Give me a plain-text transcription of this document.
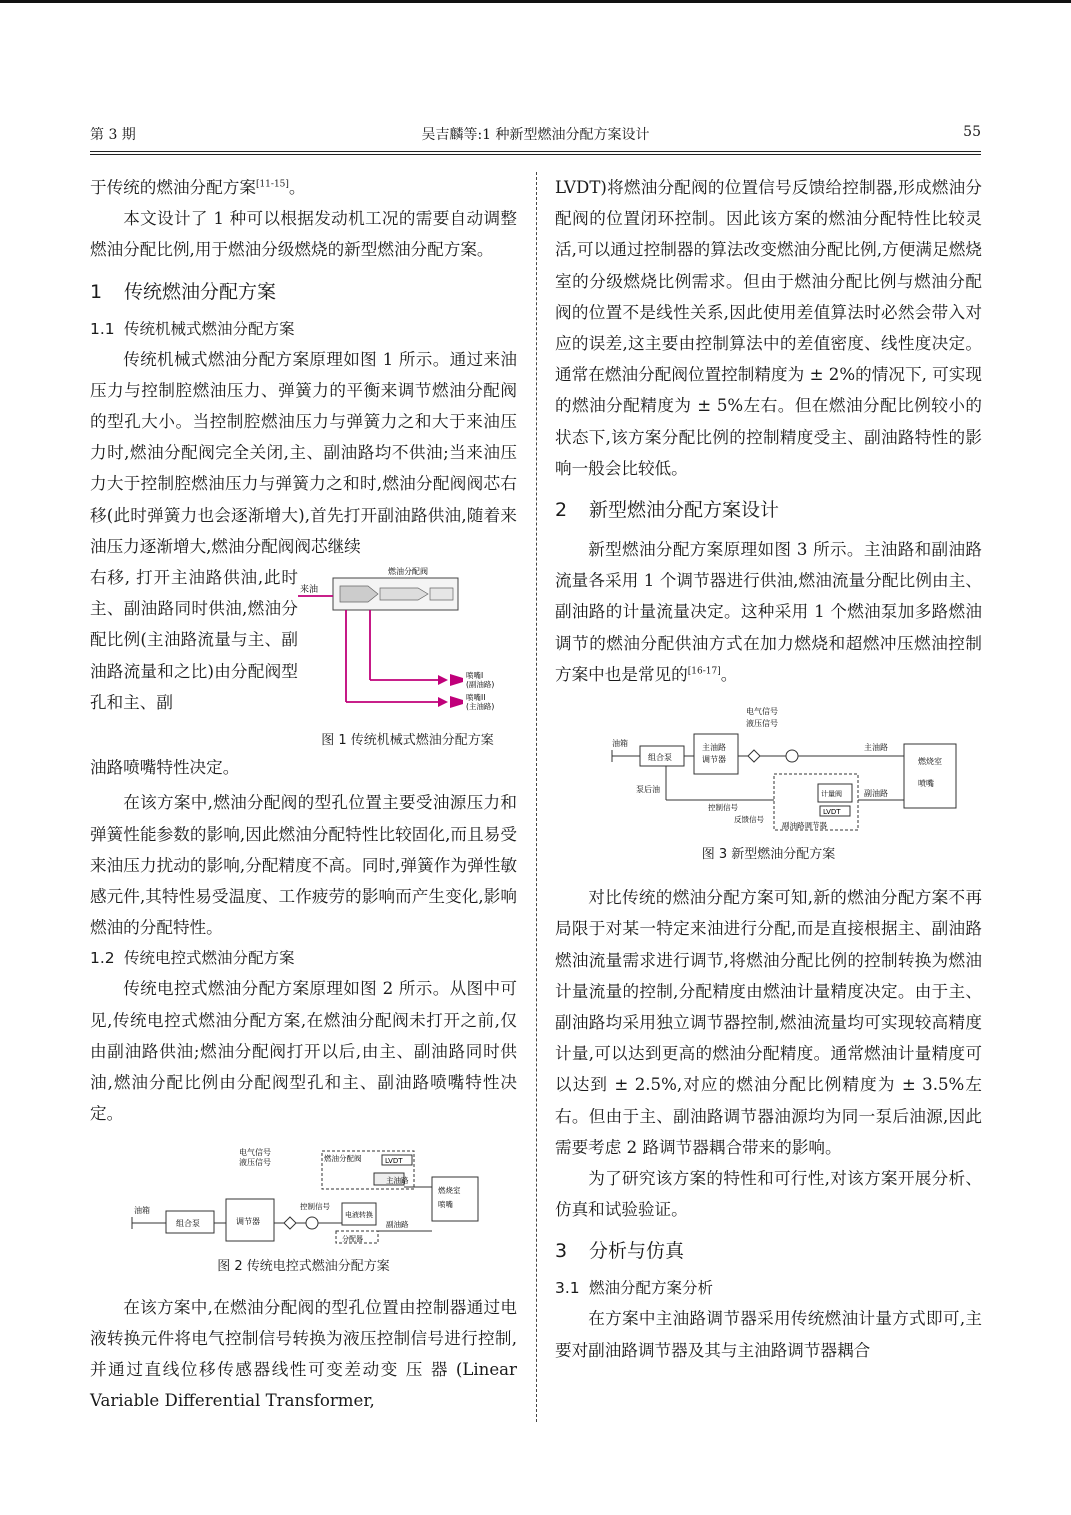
第 3 期	吴吉麟等:1 种新型燃油分配方案设计	55

于传统的燃油分配方案[11-15]。

本文设计了 1 种可以根据发动机工况的需要自动调整燃油分配比例,用于燃油分级燃烧的新型燃油分配方案。

1 传统燃油分配方案
1.1 传统机械式燃油分配方案

传统机械式燃油分配方案原理如图 1 所示。通过来油压力与控制腔燃油压力、弹簧力的平衡来调节燃油分配阀的型孔大小。当控制腔燃油压力与弹簧力之和大于来油压力时,燃油分配阀完全关闭,主、副油路均不供油;当来油压力大于控制腔燃油压力与弹簧力之和时,燃油分配阀阀芯右移(此时弹簧力也会逐渐增大),首先打开副油路供油,随着来油压力逐渐增大,燃油分配阀阀芯继续

右移, 打开主油路供油,此时主、副油路同时供油,燃油分配比例(主油路流量与主、副油路流量和之比)由分配阀型孔和主、副

燃油分配阀
来油
喷嘴I
(副油路)
喷嘴II
(主油路)
图 1 传统机械式燃油分配方案

油路喷嘴特性决定。

在该方案中,燃油分配阀的型孔位置主要受油源压力和弹簧性能参数的影响,因此燃油分配特性比较固化,而且易受来油压力扰动的影响,分配精度不高。同时,弹簧作为弹性敏感元件,其特性易受温度、工作疲劳的影响而产生变化,影响燃油的分配特性。

1.2 传统电控式燃油分配方案

传统电控式燃油分配方案原理如图 2 所示。从图中可见,传统电控式燃油分配方案,在燃油分配阀未打开之前,仅由副油路供油;燃油分配阀打开以后,由主、副油路同时供油,燃油分配比例由分配阀型孔和主、副油路喷嘴特性决定。

电气信号
液压信号	燃油分配阀	LVDT
油箱
组合泵	调节器
控制信号
电液转换
主油路
副油路
燃烧室
喷嘴
分配器
图 2 传统电控式燃油分配方案

在该方案中,在燃油分配阀的型孔位置由控制器通过电液转换元件将电气控制信号转换为液压控制信号进行控制,并通过直线位移传感器线性可变差动变 压 器 (Linear Variable Differential Transformer,

LVDT)将燃油分配阀的位置信号反馈给控制器,形成燃油分配阀的位置闭环控制。因此该方案的燃油分配特性比较灵活,可以通过控制器的算法改变燃油分配比例,方便满足燃烧室的分级燃烧比例需求。但由于燃油分配比例与燃油分配阀的位置不是线性关系,因此使用差值算法时必然会带入对应的误差,这主要由控制算法中的差值密度、线性度决定。通常在燃油分配阀位置控制精度为 ± 2%的情况下, 可实现的燃油分配精度为 ± 5%左右。但在燃油分配比例较小的状态下,该方案分配比例的控制精度受主、副油路特性的影响一般会比较低。

2 新型燃油分配方案设计

新型燃油分配方案原理如图 3 所示。主油路和副油路流量各采用 1 个调节器进行供油,燃油流量分配比例由主、副油路的计量流量决定。这种采用 1 个燃油泵加多路燃油调节的燃油分配供油方式在加力燃烧和超燃冲压燃油控制方案中也是常见的[16-17]。

电气信号
液压信号
油箱
组合泵
主油路
调节器
主油路
泵后油
控制信号
反馈信号
计量阀
LVDT
副油路调节器
副油路
燃烧室
喷嘴
图 3 新型燃油分配方案

对比传统的燃油分配方案可知,新的燃油分配方案不再局限于对某一特定来油进行分配,而是直接根据主、副油路燃油流量需求进行调节,将燃油分配比例的控制转换为燃油计量流量的控制,分配精度由燃油计量精度决定。由于主、副油路均采用独立调节器控制,燃油流量均可实现较高精度计量,可以达到更高的燃油分配精度。通常燃油计量精度可以达到 ± 2.5%,对应的燃油分配比例精度为 ± 3.5%左右。但由于主、副油路调节器油源均为同一泵后油源,因此需要考虑 2 路调节器耦合带来的影响。

为了研究该方案的特性和可行性,对该方案开展分析、仿真和试验验证。

3 分析与仿真
3.1 燃油分配方案分析

在方案中主油路调节器采用传统燃油计量方式即可,主要对副油路调节器及其与主油路调节器耦合
